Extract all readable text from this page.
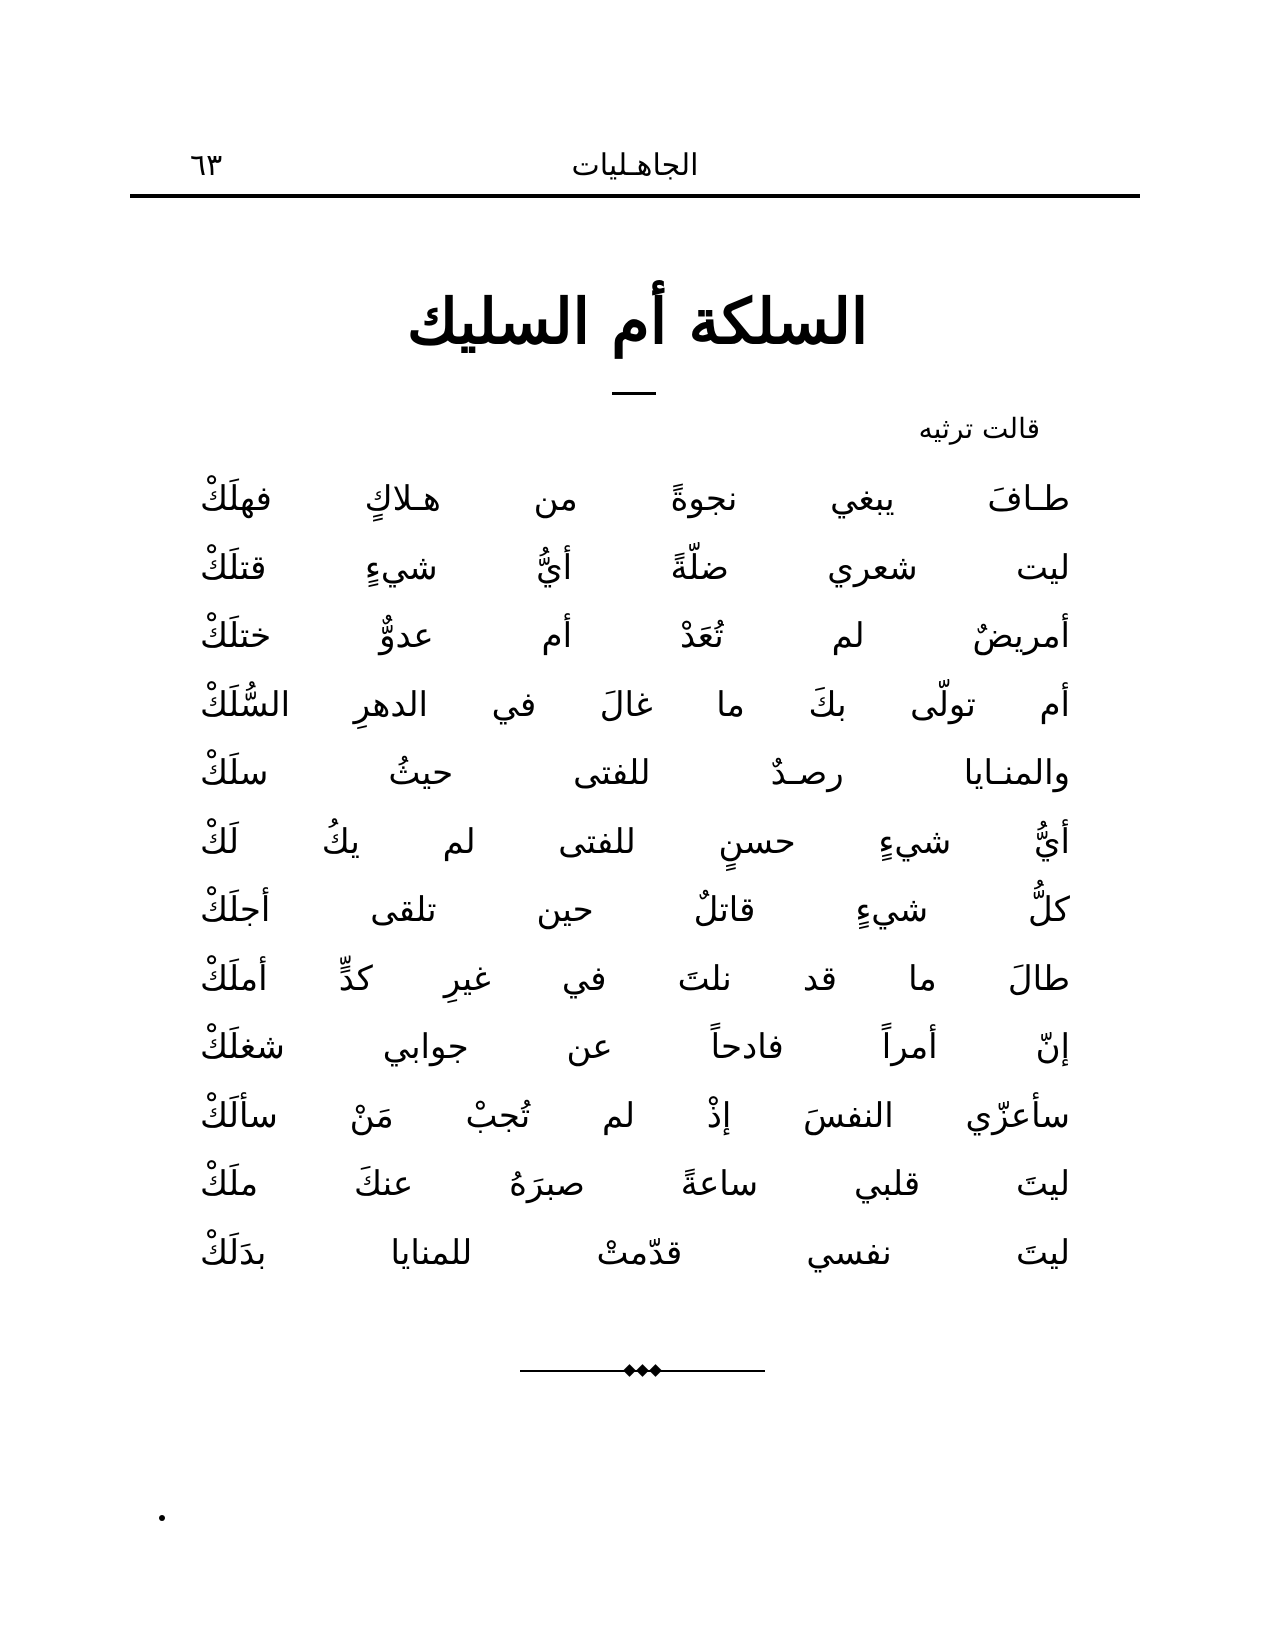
٦٣	الجاهـليات
السلكة أم السليك
قالت ترثيه
طـافَ يبغي نجوةً من هـلاكٍ فهلَكْ
ليت شعري ضلّةً أيُّ شيءٍ قتلَكْ
أمريضٌ لم تُعَدْ أم عدوٌّ ختلَكْ
أم تولّى بكَ ما غالَ في الدهرِ السُّلَكْ
والمنـايا رصـدٌ للفتى حيثُ سلَكْ
أيُّ شيءٍ حسنٍ للفتى لم يكُ لَكْ
كلُّ شيءٍ قاتلٌ حين تلقى أجلَكْ
طالَ ما قد نلتَ في غيرِ كدٍّ أملَكْ
إنّ أمراً فادحاً عن جوابي شغلَكْ
سأعزّي النفسَ إذْ لم تُجبْ مَنْ سألَكْ
ليتَ قلبي ساعةً صبرَهُ عنكَ ملَكْ
ليتَ نفسي قدّمتْ للمنايا بدَلَكْ
